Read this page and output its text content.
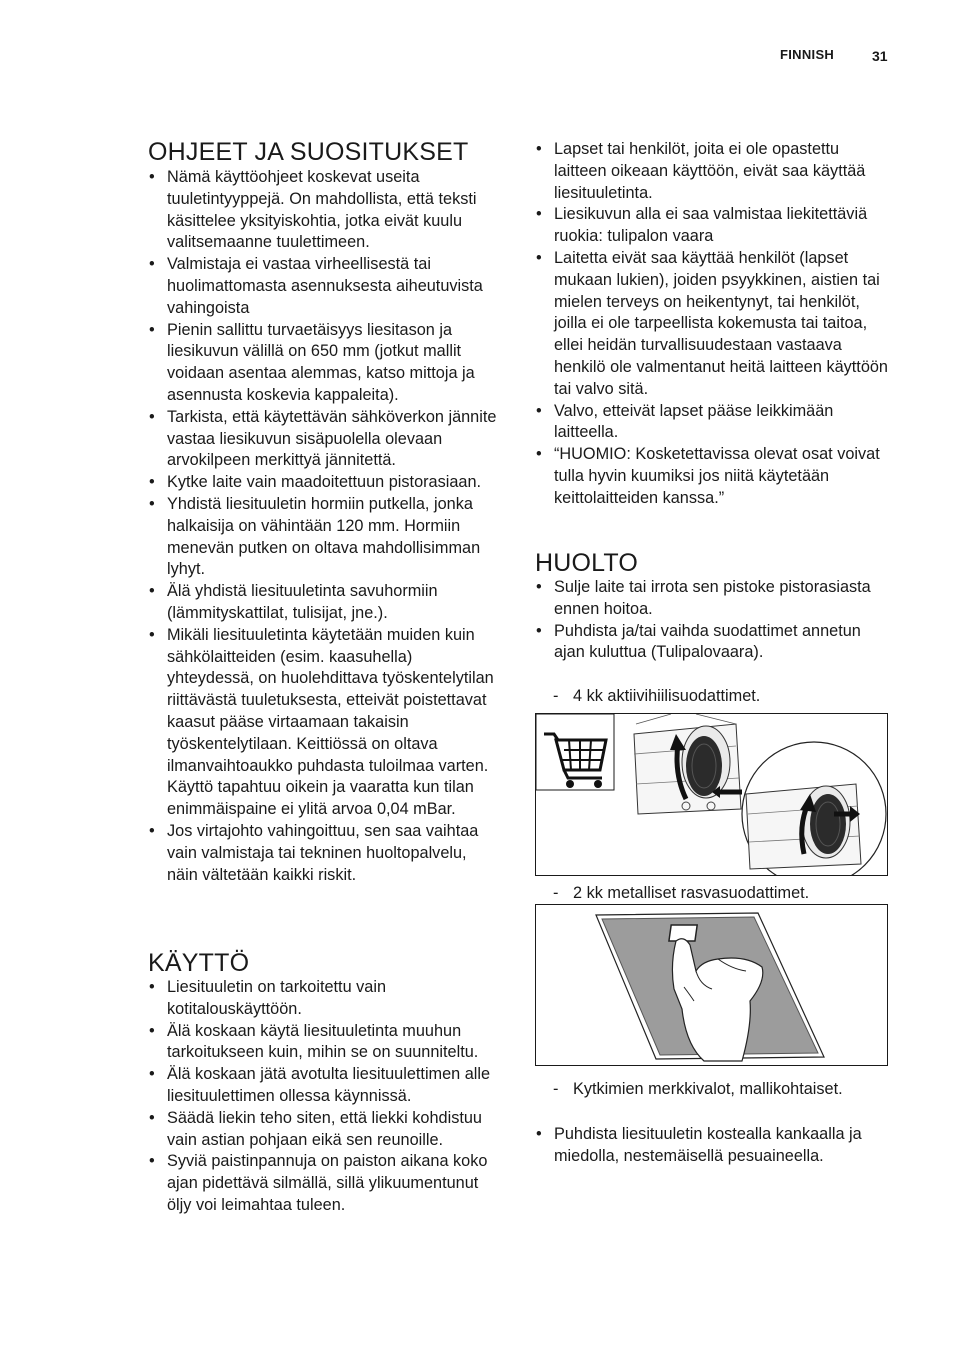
FINNISH	31
OHJEET JA SUOSITUKSET
• Nämä käyttöohjeet koskevat useita tuuletintyyppejä. On mahdollista, että teksti käsittelee yksityiskohtia, jotka eivät kuulu valitsemaanne tuulettimeen.
• Valmistaja ei vastaa virheellisestä tai huolimattomasta asennuksesta aiheutuvista vahingoista
• Pienin sallittu turvaetäisyys liesitason ja liesikuvun välillä on 650 mm (jotkut mallit voidaan asentaa alemmas, katso mittoja ja asennusta koskevia kappaleita).
• Tarkista, että käytettävän sähköverkon jännite vastaa liesikuvun sisäpuolella olevaan arvokilpeen merkittyä jännitettä.
• Kytke laite vain maadoitettuun pistorasiaan.
• Yhdistä liesituuletin hormiin putkella, jonka halkaisija on vähintään 120 mm. Hormiin menevän putken on oltava mahdollisimman lyhyt.
• Älä yhdistä liesituuletinta savuhormiin (lämmityskattilat, tulisijat, jne.).
• Mikäli liesituuletinta käytetään muiden kuin sähkölaitteiden (esim. kaasuhella) yhteydessä, on huolehdittava työskentelytilan riittävästä tuuletuksesta, etteivät poistettavat kaasut pääse virtaamaan takaisin työskentelytilaan. Keittiössä on oltava ilmanvaihtoaukko puhdasta tuloilmaa varten. Käyttö tapahtuu oikein ja vaaratta kun tilan enimmäispaine ei ylitä arvoa 0,04 mBar.
• Jos virtajohto vahingoittuu, sen saa vaihtaa vain valmistaja tai tekninen huoltopalvelu, näin vältetään kaikki riskit.
KÄYTTÖ
• Liesituuletin on tarkoitettu vain kotitalouskäyttöön.
• Älä koskaan käytä liesituuletinta muuhun tarkoitukseen kuin, mihin se on suunniteltu.
• Älä koskaan jätä avotulta liesituulettimen alle liesituulettimen ollessa käynnissä.
• Säädä liekin teho siten, että liekki kohdistuu vain astian pohjaan eikä sen reunoille.
• Syviä paistinpannuja on paiston aikana koko ajan pidettävä silmällä, sillä ylikuumentunut öljy voi leimahtaa tuleen.
• Lapset tai henkilöt, joita ei ole opastettu laitteen oikeaan käyttöön, eivät saa käyttää liesituuletinta.
• Liesikuvun alla ei saa valmistaa liekitettäviä ruokia: tulipalon vaara
• Laitetta eivät saa käyttää henkilöt (lapset mukaan lukien), joiden psyykkinen, aistien tai mielen terveys on heikentynyt, tai henkilöt, joilla ei ole tarpeellista kokemusta tai taitoa, ellei heidän turvallisuudestaan vastaava henkilö ole valmentanut heitä laitteen käyttöön tai valvo sitä.
• Valvo, etteivät lapset pääse leikkimään laitteella.
• “HUOMIO: Kosketettavissa olevat osat voivat tulla hyvin kuumiksi jos niitä käytetään keittolaitteiden kanssa.”
HUOLTO
• Sulje laite tai irrota sen pistoke pistorasiasta ennen hoitoa.
• Puhdista ja/tai vaihda suodattimet annetun ajan kuluttua (Tulipalovaara).
- 4 kk aktiivihiilisuodattimet.
- 2 kk metalliset rasvasuodattimet.
- Kytkimien merkkivalot, mallikohtaiset.
• Puhdista liesituuletin kostealla kankaalla ja miedolla, nestemäisellä pesuaineella.
